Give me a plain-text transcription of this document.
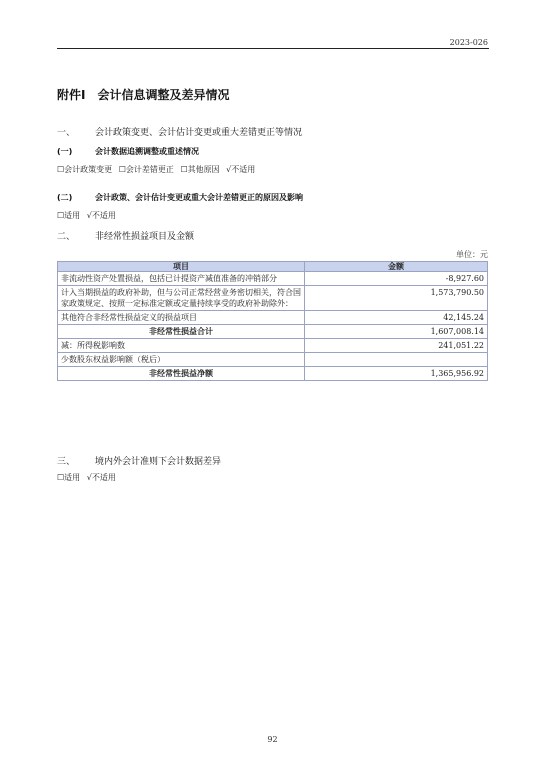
2023-026
附件Ⅰ　会计信息调整及差异情况
一、 会计政策变更、会计估计变更或重大差错更正等情况
(一)	会计数据追溯调整或重述情况
☐会计政策变更 ☐会计差错更正 ☐其他原因 √不适用
(二)	会计政策、会计估计变更或重大会计差错更正的原因及影响
☐适用 √不适用
二、 非经常性损益项目及金额
单位：元
项目	金额
非流动性资产处置损益，包括已计提资产减值准备的冲销部分	-8,927.60
计入当期损益的政府补助，但与公司正常经营业务密切相关，符合国家政策规定、按照一定标准定额或定量持续享受的政府补助除外：	1,573,790.50
其他符合非经常性损益定义的损益项目	42,145.24
非经常性损益合计	1,607,008.14
减：所得税影响数	241,051.22
少数股东权益影响额（税后）	
非经常性损益净额	1,365,956.92
三、 境内外会计准则下会计数据差异
☐适用 √不适用
92
